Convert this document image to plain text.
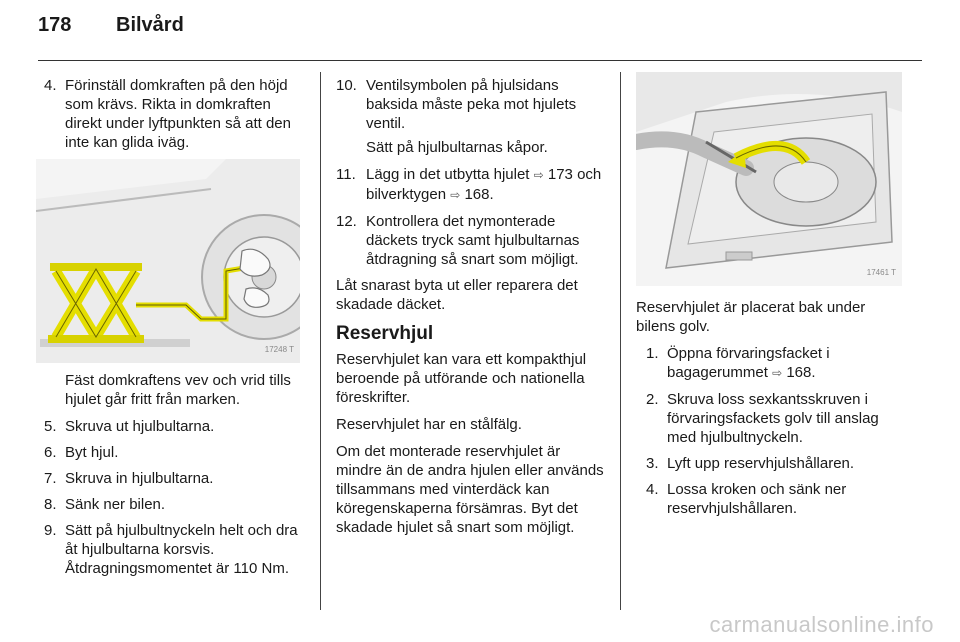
178 Bilvård
4. Förinställ domkraften på den höjd som krävs. Rikta in domkraften direkt under lyftpunkten så att den inte kan glida iväg.
17248 T
Fäst domkraftens vev och vrid tills hjulet går fritt från marken.
5. Skruva ut hjulbultarna.
6. Byt hjul.
7. Skruva in hjulbultarna.
8. Sänk ner bilen.
9. Sätt på hjulbultnyckeln helt och dra åt hjulbultarna korsvis. Åtdragningsmomentet är 110 Nm.
10. Ventilsymbolen på hjulsidans baksida måste peka mot hjulets ventil.
Sätt på hjulbultarnas kåpor.
11. Lägg in det utbytta hjulet ⇨ 173 och bilverktygen ⇨ 168.
12. Kontrollera det nymonterade däckets tryck samt hjulbultarnas åtdragning så snart som möjligt.

Låt snarast byta ut eller reparera det skadade däcket.

Reservhjul

Reservhjulet kan vara ett kompakthjul beroende på utförande och nationella föreskrifter.

Reservhjulet har en stålfälg.

Om det monterade reservhjulet är mindre än de andra hjulen eller används tillsammans med vinterdäck kan köregenskaperna försämras. Byt det skadade hjulet så snart som möjligt.

17461 T

Reservhjulet är placerat bak under bilens golv.

1. Öppna förvaringsfacket i bagagerummet ⇨ 168.
2. Skruva loss sexkantsskruven i förvaringsfackets golv till anslag med hjulbultnyckeln.
3. Lyft upp reservhjulshållaren.
4. Lossa kroken och sänk ner reservhjulshållaren.
carmanualsonline.info
